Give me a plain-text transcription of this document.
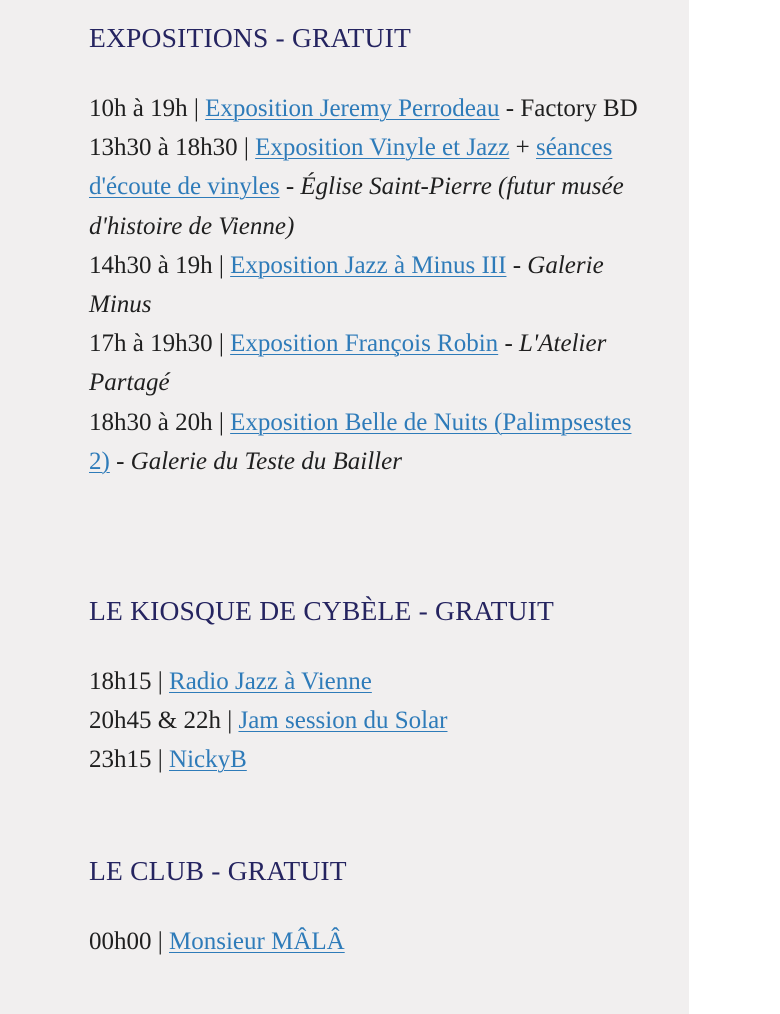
EXPOSITIONS - GRATUIT
10h à 19h | Exposition Jeremy Perrodeau - Factory BD
13h30 à 18h30 | Exposition Vinyle et Jazz + séances d'écoute de vinyles - Église Saint-Pierre (futur musée d'histoire de Vienne)
14h30 à 19h | Exposition Jazz à Minus III - Galerie Minus
17h à 19h30 | Exposition François Robin - L'Atelier Partagé
18h30 à 20h | Exposition Belle de Nuits (Palimpsestes 2) - Galerie du Teste du Bailler
LE KIOSQUE DE CYBÈLE - GRATUIT
18h15 | Radio Jazz à Vienne
20h45 & 22h | Jam session du Solar
23h15 | NickyB
LE CLUB - GRATUIT
00h00 | Monsieur MÂLÂ
